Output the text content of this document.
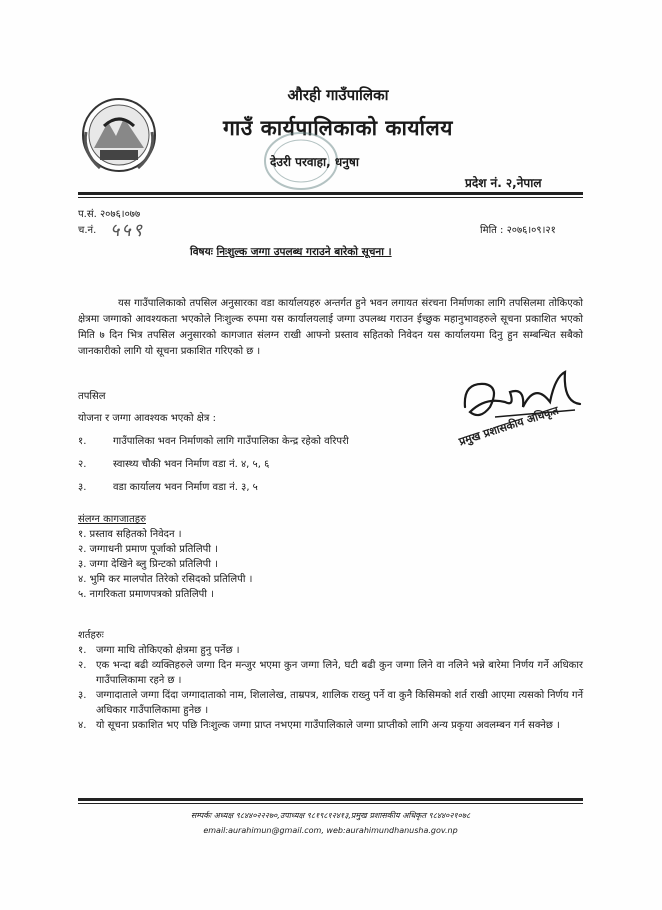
औरही गाउँपालिका
गाउँ कार्यपालिकाको कार्यालय
देउरी परवाहा, धनुषा
प्रदेश नं. २,नेपाल
प.सं. २०७६।०७७
च.नं. ५५९	मिति : २०७६।०९।२१
विषयः निःशुल्क जग्गा उपलब्ध गराउने बारेको सूचना ।
यस गाउँपालिकाको तपसिल अनुसारका वडा कार्यालयहरु अन्तर्गत हुने भवन लगायत संरचना निर्माणका लागि तपसिलमा तोकिएको क्षेत्रमा जग्गाको आवश्यकता भएकोले निःशुल्क रुपमा यस कार्यालयलाई जग्गा उपलब्ध गराउन ईच्छुक महानुभावहरुले सूचना प्रकाशित भएको मिति ७ दिन भित्र तपसिल अनुसारको कागजात संलग्न राखी आफ्नो प्रस्ताव सहितको निवेदन यस कार्यालयमा दिनु हुन सम्बन्धित सबैको जानकारीको लागि यो सूचना प्रकाशित गरिएको छ ।
तपसिल
योजना र जग्गा आवश्यक भएको क्षेत्र :
१.	गाउँपालिका भवन निर्माणको लागि गाउँपालिका केन्द्र रहेको वरिपरी
२.	स्वास्थ्य चौकी भवन निर्माण वडा नं. ४, ५, ६
३.	वडा कार्यालय भवन निर्माण वडा नं. ३, ५
प्रमुख प्रशासकीय अधिकृत
संलग्न कागजातहरु
१. प्रस्ताव सहितको निवेदन ।
२. जग्गाधनी प्रमाण पूर्जाको प्रतिलिपी ।
३. जग्गा देखिने ब्लु प्रिन्टको प्रतिलिपी ।
४. भुमि कर मालपोत तिरेको रसिदको प्रतिलिपी ।
५. नागरिकता प्रमाणपत्रको प्रतिलिपी ।
शर्तहरुः
१. जग्गा माथि तोकिएको क्षेत्रमा हुनु पर्नेछ ।
२. एक भन्दा बढी व्यक्तिहरुले जग्गा दिन मन्जुर भएमा कुन जग्गा लिने, घटी बढी कुन जग्गा लिने वा नलिने भन्ने बारेमा निर्णय गर्ने अधिकार गाउँपालिकामा रहने छ ।
३. जग्गादाताले जग्गा दिंदा जग्गादाताको नाम, शिलालेख, ताम्रपत्र, शालिक राख्नु पर्ने वा कुनै किसिमको शर्त राखी आएमा त्यसको निर्णय गर्ने अधिकार गाउँपालिकामा हुनेछ ।
४. यो सूचना प्रकाशित भए पछि निःशुल्क जग्गा प्राप्त नभएमा गाउँपालिकाले जग्गा प्राप्तीको लागि अन्य प्रकृया अवलम्बन गर्न सक्नेछ ।
सम्पर्कः अध्यक्ष ९८४४०२२२७०,उपाध्यक्ष ९८१९८१२४१३,प्रमुख प्रशासकीय अधिकृत ९८४४०२१०७८
email:aurahimun@gmail.com, web:aurahimundhanusha.gov.np
